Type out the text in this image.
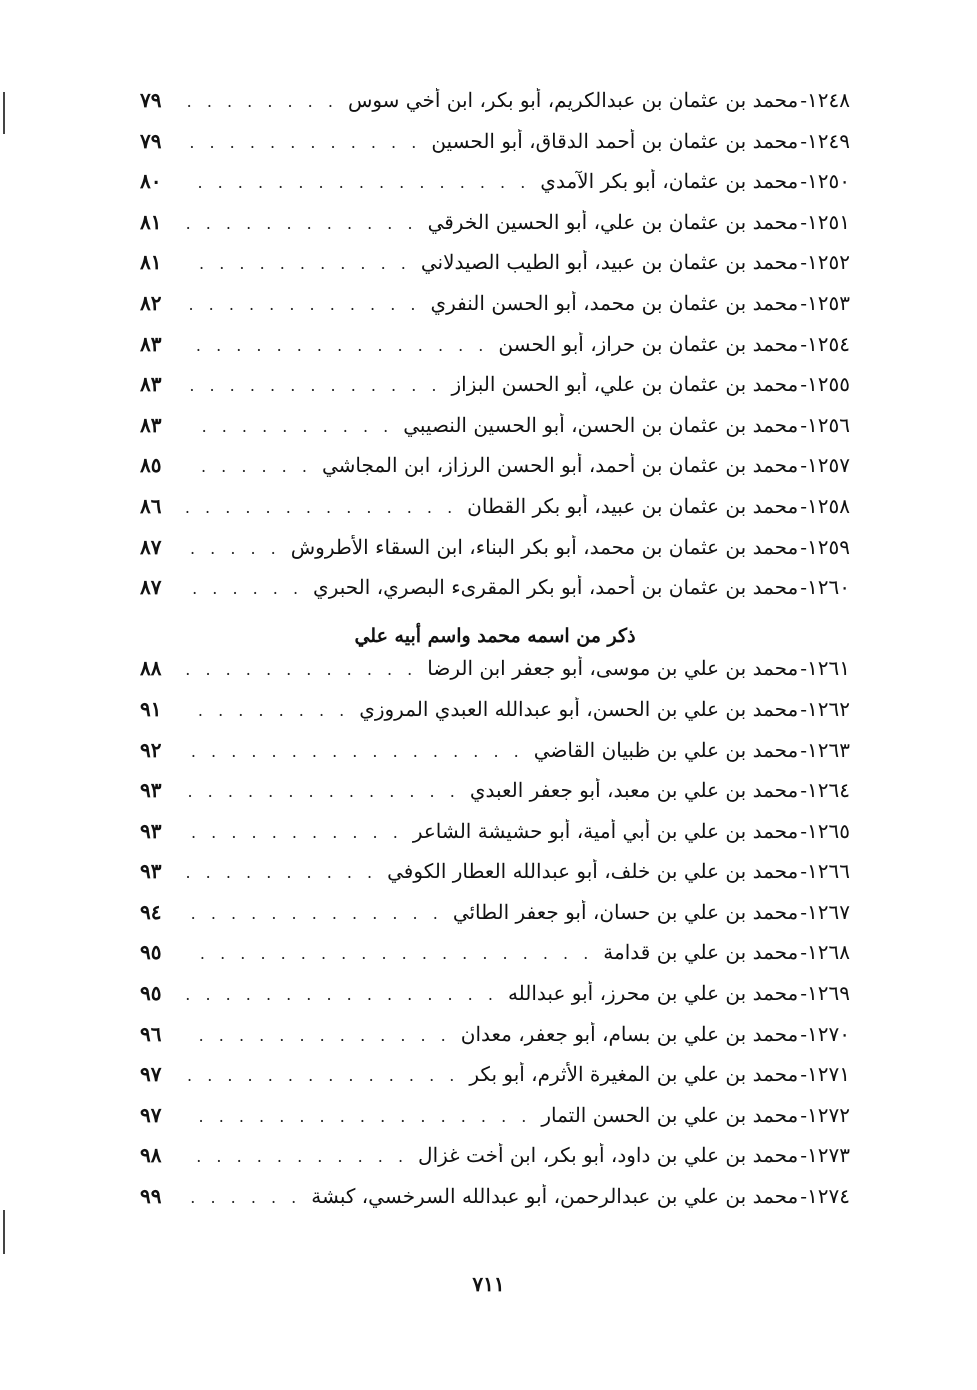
١٢٤٨-
محمد بن عثمان بن عبدالكريم، أبو بكر، ابن أخي سوس
. . .
٧٩
١٢٤٩-
محمد بن عثمان بن أحمد الدقاق، أبو الحسين
. . .
٧٩
١٢٥٠-
محمد بن عثمان، أبو بكر الآمدي
. . .
٨٠
١٢٥١-
محمد بن عثمان بن علي، أبو الحسين الخرقي
. . .
٨١
١٢٥٢-
محمد بن عثمان بن عبيد، أبو الطيب الصيدلاني
. . .
٨١
١٢٥٣-
محمد بن عثمان بن محمد، أبو الحسن النفري
. . .
٨٢
١٢٥٤-
محمد بن عثمان بن حراز، أبو الحسن
. . .
٨٣
١٢٥٥-
محمد بن عثمان بن علي، أبو الحسن البزاز
. . .
٨٣
١٢٥٦-
محمد بن عثمان بن الحسن، أبو الحسين النصيبي
. . .
٨٣
١٢٥٧-
محمد بن عثمان بن أحمد، أبو الحسن الرزاز، ابن المجاشي
. . .
٨٥
١٢٥٨-
محمد بن عثمان بن عبيد، أبو بكر القطان
. . .
٨٦
١٢٥٩-
محمد بن عثمان بن محمد، أبو بكر البناء، ابن السقاء الأطروش
. . .
٨٧
١٢٦٠-
محمد بن عثمان بن أحمد، أبو بكر المقرىء البصري، الحبري
. . .
٨٧
ذكر من اسمه محمد واسم أبيه علي
١٢٦١-
محمد بن علي بن موسى، أبو جعفر ابن الرضا
. . .
٨٨
١٢٦٢-
محمد بن علي بن الحسن، أبو عبدالله العبدي المروزي
. . .
٩١
١٢٦٣-
محمد بن علي بن ظبيان القاضي
. . .
٩٢
١٢٦٤-
محمد بن علي بن معبد، أبو جعفر العبدي
. . .
٩٣
١٢٦٥-
محمد بن علي بن أبي أمية، أبو حشيشة الشاعر
. . .
٩٣
١٢٦٦-
محمد بن علي بن خلف، أبو عبدالله العطار الكوفي
. . .
٩٣
١٢٦٧-
محمد بن علي بن حسان، أبو جعفر الطائي
. . .
٩٤
١٢٦٨-
محمد بن علي بن قدامة
. . .
٩٥
١٢٦٩-
محمد بن علي بن محرز، أبو عبدالله
. . .
٩٥
١٢٧٠-
محمد بن علي بن بسام، أبو جعفر، معدان
. . .
٩٦
١٢٧١-
محمد بن علي بن المغيرة الأثرم، أبو بكر
. . .
٩٧
١٢٧٢-
محمد بن علي بن الحسن التمار
. . .
٩٧
١٢٧٣-
محمد بن علي بن داود، أبو بكر، ابن أخت غزال
. . .
٩٨
١٢٧٤-
محمد بن علي بن عبدالرحمن، أبو عبدالله السرخسي، كبشة
. . .
٩٩
٧١١
